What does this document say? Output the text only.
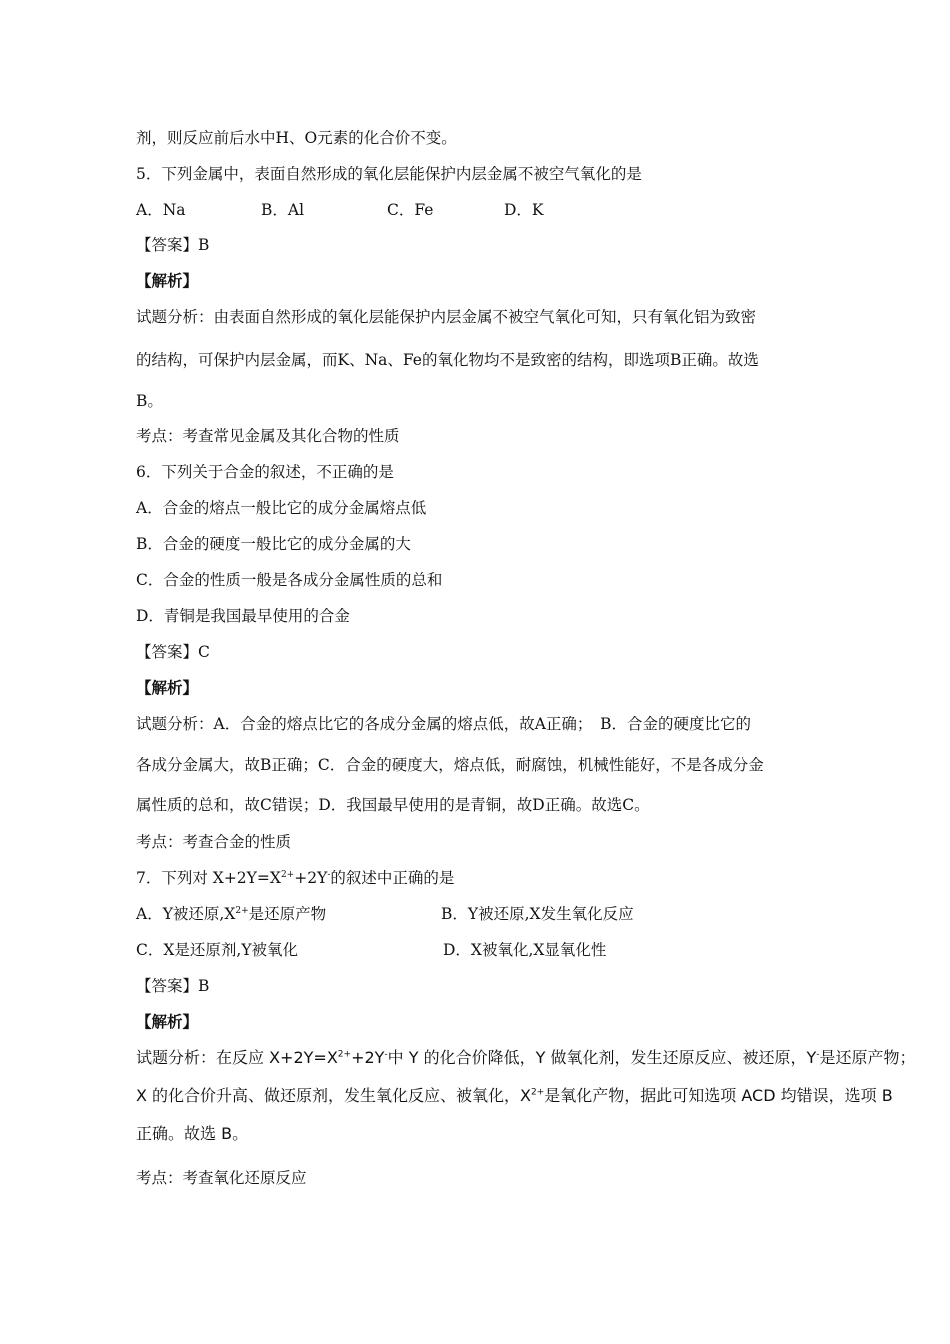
剂，则反应前后水中H、O元素的化合价不变。
5．下列金属中，表面自然形成的氧化层能保护内层金属不被空气氧化的是
A．Na	B．Al	C．Fe	D．K
【答案】B
【解析】
试题分析：由表面自然形成的氧化层能保护内层金属不被空气氧化可知，只有氧化铝为致密
的结构，可保护内层金属，而K、Na、Fe的氧化物均不是致密的结构，即选项B正确。故选
B。
考点：考查常见金属及其化合物的性质
6．下列关于合金的叙述，不正确的是
A．合金的熔点一般比它的成分金属熔点低
B．合金的硬度一般比它的成分金属的大
C．合金的性质一般是各成分金属性质的总和
D．青铜是我国最早使用的合金
【答案】C
【解析】
试题分析：A．合金的熔点比它的各成分金属的熔点低，故A正确；　B．合金的硬度比它的
各成分金属大，故B正确；C．合金的硬度大，熔点低，耐腐蚀，机械性能好，不是各成分金
属性质的总和，故C错误；D．我国最早使用的是青铜，故D正确。故选C。
考点：考查合金的性质
7．下列对 $X+2Y=X^{2+}+2Y^-$的叙述中正确的是
A．Y被还原$,X^{2+}$是还原产物	B．Y被还原,X发生氧化反应
C．X是还原剂,Y被氧化	D．X被氧化,X显氧化性
【答案】B
【解析】
试题分析：在反应 $X+2Y=X^{2+}+2Y^-$中 Y 的化合价降低，Y 做氧化剂，发生还原反应、被还原，Y-是还原产物；
X 的化合价升高、做还原剂，发生氧化反应、被氧化，$X^{2+}$是氧化产物，据此可知选项 ACD 均错误，选项 B
正确。故选 B。
考点：考查氧化还原反应
